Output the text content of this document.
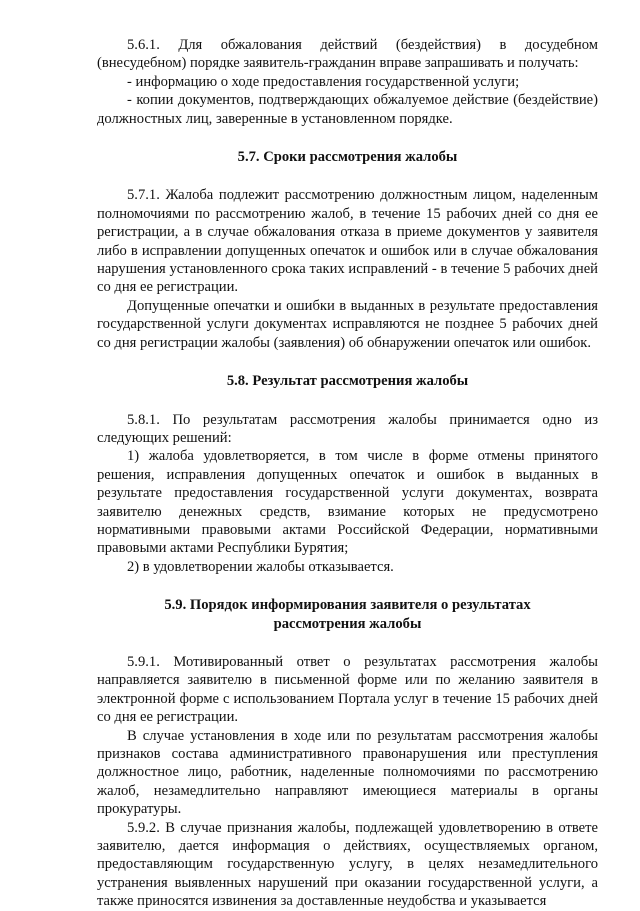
5.6.1. Для обжалования действий (бездействия) в досудебном (внесудебном) порядке заявитель-гражданин вправе запрашивать и получать:

- информацию о ходе предоставления государственной услуги;

- копии документов, подтверждающих обжалуемое действие (бездействие) должностных лиц, заверенные в установленном порядке.

5.7. Сроки рассмотрения жалобы

5.7.1. Жалоба подлежит рассмотрению должностным лицом, наделенным полномочиями по рассмотрению жалоб, в течение 15 рабочих дней со дня ее регистрации, а в случае обжалования отказа в приеме документов у заявителя либо в исправлении допущенных опечаток и ошибок или в случае обжалования нарушения установленного срока таких исправлений - в течение 5 рабочих дней со дня ее регистрации.

Допущенные опечатки и ошибки в выданных в результате предоставления государственной услуги документах исправляются не позднее 5 рабочих дней со дня регистрации жалобы (заявления) об обнаружении опечаток или ошибок.

5.8. Результат рассмотрения жалобы

5.8.1. По результатам рассмотрения жалобы принимается одно из следующих решений:

1) жалоба удовлетворяется, в том числе в форме отмены принятого решения, исправления допущенных опечаток и ошибок в выданных в результате предоставления государственной услуги документах, возврата заявителю денежных средств, взимание которых не предусмотрено нормативными правовыми актами Российской Федерации, нормативными правовыми актами Республики Бурятия;

2) в удовлетворении жалобы отказывается.

5.9. Порядок информирования заявителя о результатах
рассмотрения жалобы

5.9.1. Мотивированный ответ о результатах рассмотрения жалобы направляется заявителю в письменной форме или по желанию заявителя в электронной форме с использованием Портала услуг в течение 15 рабочих дней со дня ее регистрации.

В случае установления в ходе или по результатам рассмотрения жалобы признаков состава административного правонарушения или преступления должностное лицо, работник, наделенные полномочиями по рассмотрению жалоб, незамедлительно направляют имеющиеся материалы в органы прокуратуры.

5.9.2. В случае признания жалобы, подлежащей удовлетворению в ответе заявителю, дается информация о действиях, осуществляемых органом, предоставляющим государственную услугу, в целях незамедлительного устранения выявленных нарушений при оказании государственной услуги, а также приносятся извинения за доставленные неудобства и указывается
